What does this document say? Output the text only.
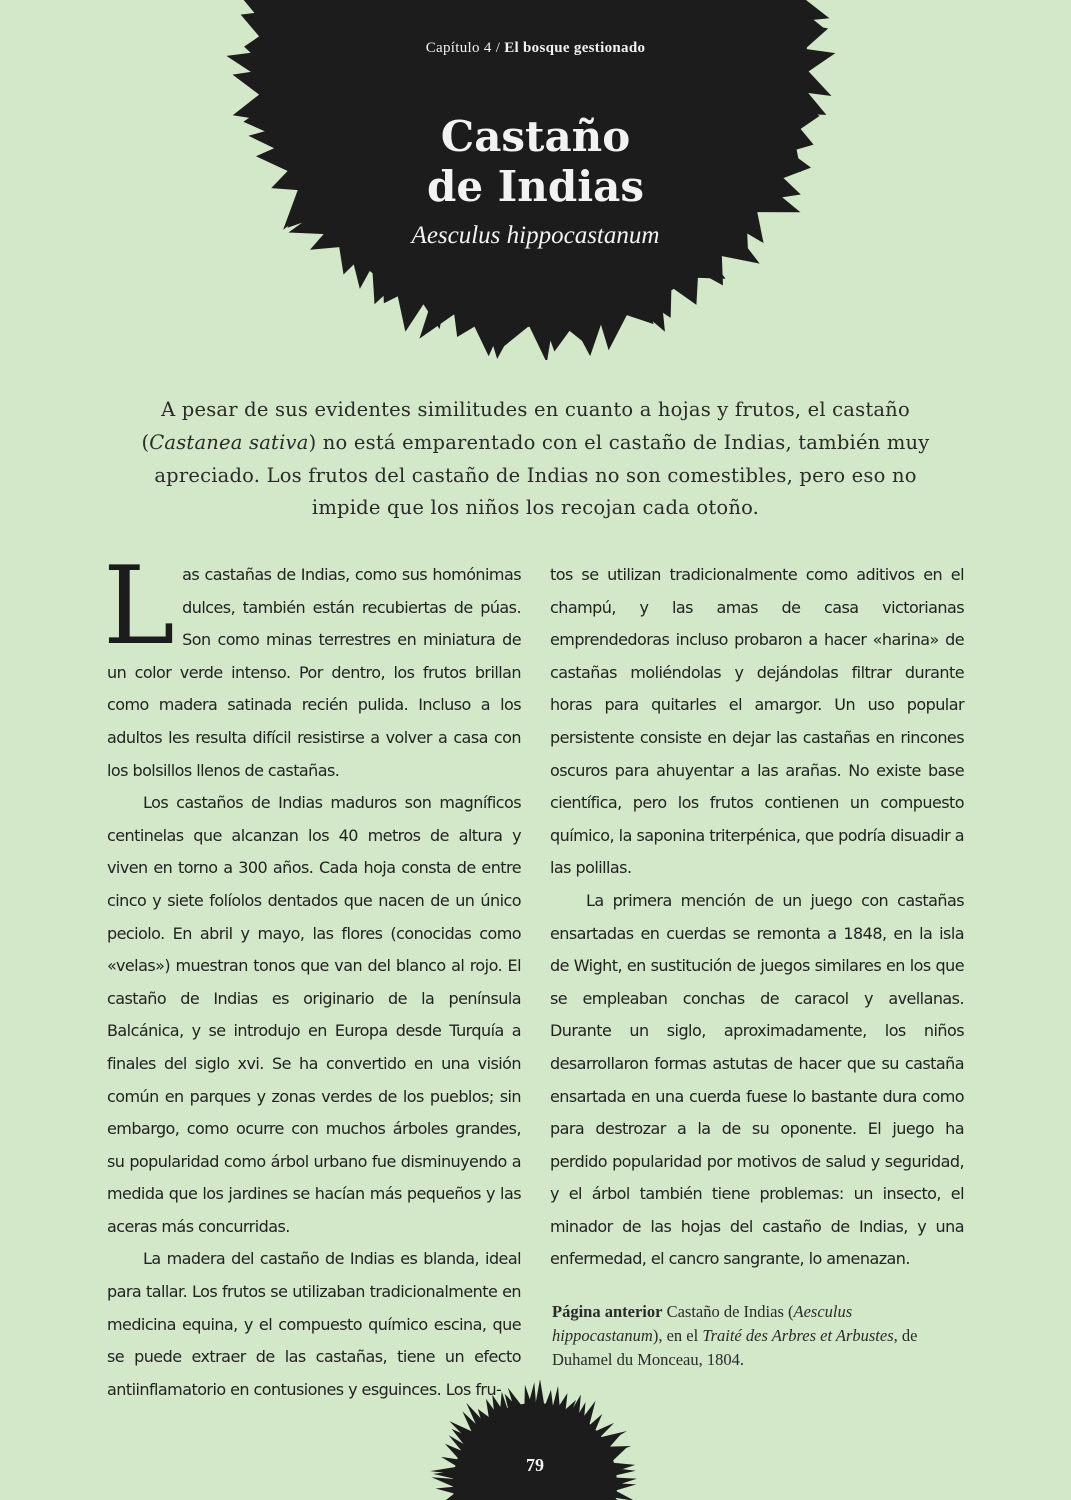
Capítulo 4 / El bosque gestionado
Castaño
de Indias
Aesculus hippocastanum
A pesar de sus evidentes similitudes en cuanto a hojas y frutos, el castaño (Castanea sativa) no está emparentado con el castaño de Indias, también muy apreciado. Los frutos del castaño de Indias no son comestibles, pero eso no impide que los niños los recojan cada otoño.

Las castañas de Indias, como sus homónimas dulces, también están recubiertas de púas. Son como minas terrestres en miniatura de un color verde intenso. Por dentro, los frutos brillan como madera satinada recién pulida. Incluso a los adultos les resulta difícil resistirse a volver a casa con los bolsillos llenos de castañas.

Los castaños de Indias maduros son magníficos centinelas que alcanzan los 40 metros de altura y viven en torno a 300 años. Cada hoja consta de entre cinco y siete folíolos dentados que nacen de un único peciolo. En abril y mayo, las flores (conocidas como «velas») muestran tonos que van del blanco al rojo. El castaño de Indias es originario de la península Balcánica, y se introdujo en Europa desde Turquía a finales del siglo xvi. Se ha convertido en una visión común en parques y zonas verdes de los pueblos; sin embargo, como ocurre con muchos árboles grandes, su popularidad como árbol urbano fue disminuyendo a medida que los jardines se hacían más pequeños y las aceras más concurridas.

La madera del castaño de Indias es blanda, ideal para tallar. Los frutos se utilizaban tradicionalmente en medicina equina, y el compuesto químico escina, que se puede extraer de las castañas, tiene un efecto antiinflamatorio en contusiones y esguinces. Los fru-

tos se utilizan tradicionalmente como aditivos en el champú, y las amas de casa victorianas emprendedoras incluso probaron a hacer «harina» de castañas moliéndolas y dejándolas filtrar durante horas para quitarles el amargor. Un uso popular persistente consiste en dejar las castañas en rincones oscuros para ahuyentar a las arañas. No existe base científica, pero los frutos contienen un compuesto químico, la saponina triterpénica, que podría disuadir a las polillas.

La primera mención de un juego con castañas ensartadas en cuerdas se remonta a 1848, en la isla de Wight, en sustitución de juegos similares en los que se empleaban conchas de caracol y avellanas. Durante un siglo, aproximadamente, los niños desarrollaron formas astutas de hacer que su castaña ensartada en una cuerda fuese lo bastante dura como para destrozar a la de su oponente. El juego ha perdido popularidad por motivos de salud y seguridad, y el árbol también tiene problemas: un insecto, el minador de las hojas del castaño de Indias, y una enfermedad, el cancro sangrante, lo amenazan.

Página anterior Castaño de Indias (Aesculus hippocastanum), en el Traité des Arbres et Arbustes, de Duhamel du Monceau, 1804.
79
